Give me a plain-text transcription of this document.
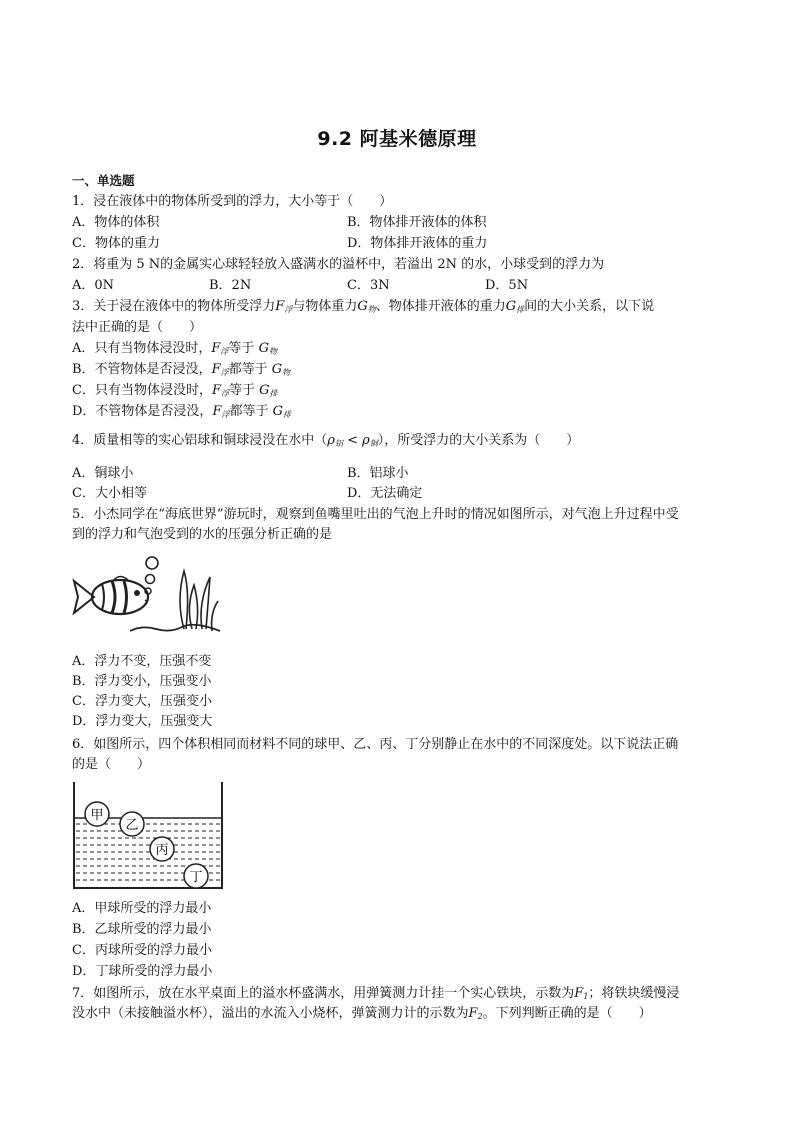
9.2 阿基米德原理
一、单选题
1．浸在液体中的物体所受到的浮力，大小等于（　　）
A．物体的体积	B．物体排开液体的体积
C．物体的重力	D．物体排开液体的重力
2．将重为 5 N的金属实心球轻轻放入盛满水的溢杯中，若溢出 2N 的水，小球受到的浮力为
A．0N	B．2N	C．3N	D．5N
3．关于浸在液体中的物体所受浮力$F_浮$与物体重力$G_物$、物体排开液体的重力$G_排$间的大小关系，以下说
法中正确的是（　　）
A．只有当物体浸没时，$F_浮$等于 $G_物$
B．不管物体是否浸没，$F_浮$都等于 $G_物$
C．只有当物体浸没时，$F_浮$等于 $G_排$
D．不管物体是否浸没，$F_浮$都等于 $G_排$
4．质量相等的实心铝球和铜球浸没在水中$(\rho_铝 < \rho_铜)$，所受浮力的大小关系为（　　）
A．铜球小	B．铝球小
C．大小相等	D．无法确定
5．小杰同学在“海底世界”游玩时，观察到鱼嘴里吐出的气泡上升时的情况如图所示，对气泡上升过程中受
到的浮力和气泡受到的水的压强分析正确的是
A．浮力不变，压强不变
B．浮力变小，压强变小
C．浮力变大，压强变小
D．浮力变大，压强变大
6．如图所示，四个体积相同而材料不同的球甲、乙、丙、丁分别静止在水中的不同深度处。以下说法正确
的是（　　）
甲
乙
丙
丁
A．甲球所受的浮力最小
B．乙球所受的浮力最小
C．丙球所受的浮力最小
D．丁球所受的浮力最小
7．如图所示，放在水平桌面上的溢水杯盛满水，用弹簧测力计挂一个实心铁块，示数为$F_1$；将铁块缓慢浸
没水中（未接触溢水杯），溢出的水流入小烧杯，弹簧测力计的示数为$F_2$。下列判断正确的是（　　）
